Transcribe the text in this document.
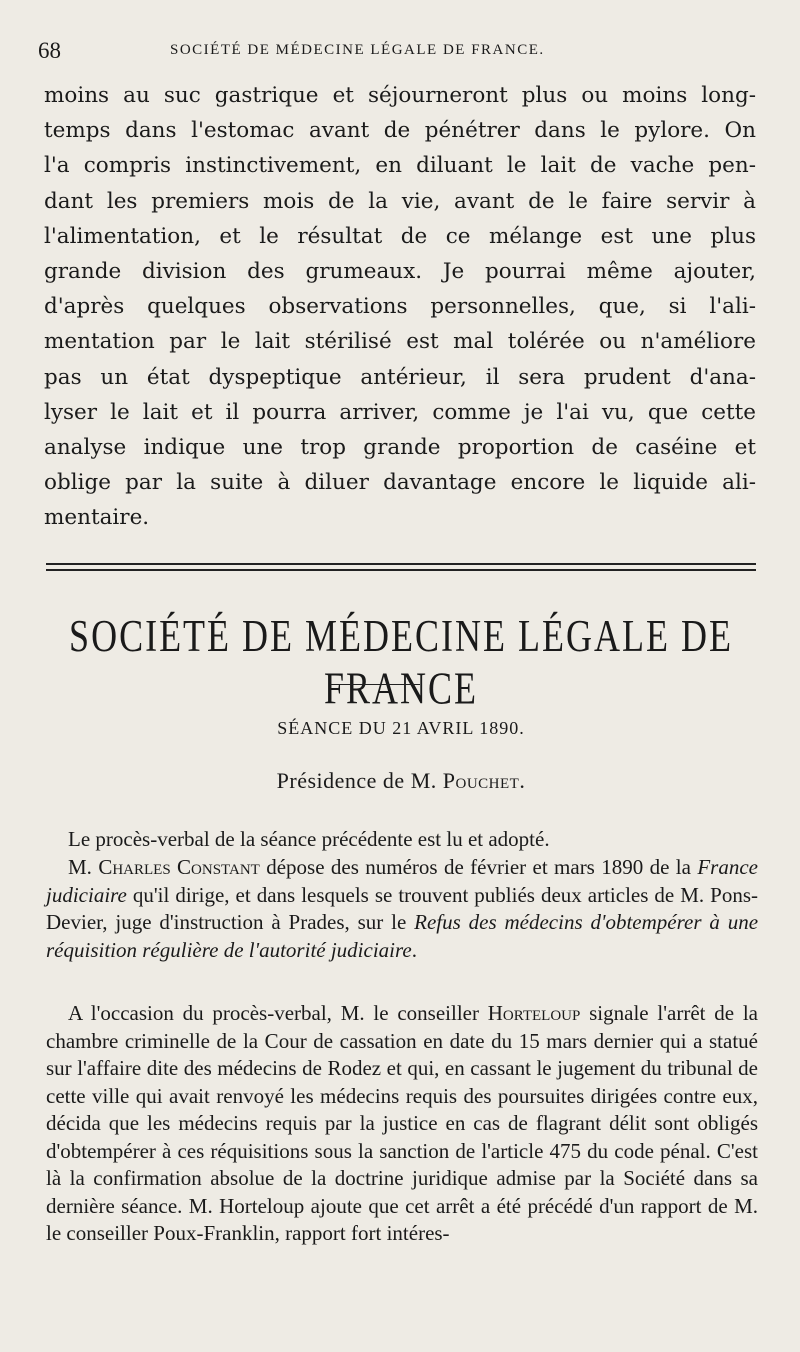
68	SOCIÉTÉ DE MÉDECINE LÉGALE DE FRANCE.
moins au suc gastrique et séjourneront plus ou moins long-
temps dans l'estomac avant de pénétrer dans le pylore. On
l'a compris instinctivement, en diluant le lait de vache pen-
dant les premiers mois de la vie, avant de le faire servir à
l'alimentation, et le résultat de ce mélange est une plus
grande division des grumeaux. Je pourrai même ajouter,
d'après quelques observations personnelles, que, si l'ali-
mentation par le lait stérilisé est mal tolérée ou n'améliore
pas un état dyspeptique antérieur, il sera prudent d'ana-
lyser le lait et il pourra arriver, comme je l'ai vu, que cette
analyse indique une trop grande proportion de caséine et
oblige par la suite à diluer davantage encore le liquide ali-
mentaire.
SOCIÉTÉ DE MÉDECINE LÉGALE DE FRANCE
SÉANCE DU 21 AVRIL 1890.
Présidence de M. Pouchet.
Le procès-verbal de la séance précédente est lu et adopté.
M. Charles Constant dépose des numéros de février et mars 1890 de la France judiciaire qu'il dirige, et dans lesquels se trouvent publiés deux articles de M. Pons-Devier, juge d'instruction à Prades, sur le Refus des médecins d'obtempérer à une réquisition régulière de l'autorité judiciaire.
A l'occasion du procès-verbal, M. le conseiller Horteloup signale l'arrêt de la chambre criminelle de la Cour de cassation en date du 15 mars dernier qui a statué sur l'affaire dite des médecins de Rodez et qui, en cassant le jugement du tribunal de cette ville qui avait renvoyé les médecins requis des poursuites dirigées contre eux, décida que les médecins requis par la justice en cas de flagrant délit sont obligés d'obtempérer à ces réquisitions sous la sanction de l'article 475 du code pénal. C'est là la confirmation absolue de la doctrine juridique admise par la Société dans sa dernière séance. M. Horteloup ajoute que cet arrêt a été précédé d'un rapport de M. le conseiller Poux-Franklin, rapport fort intéres-
